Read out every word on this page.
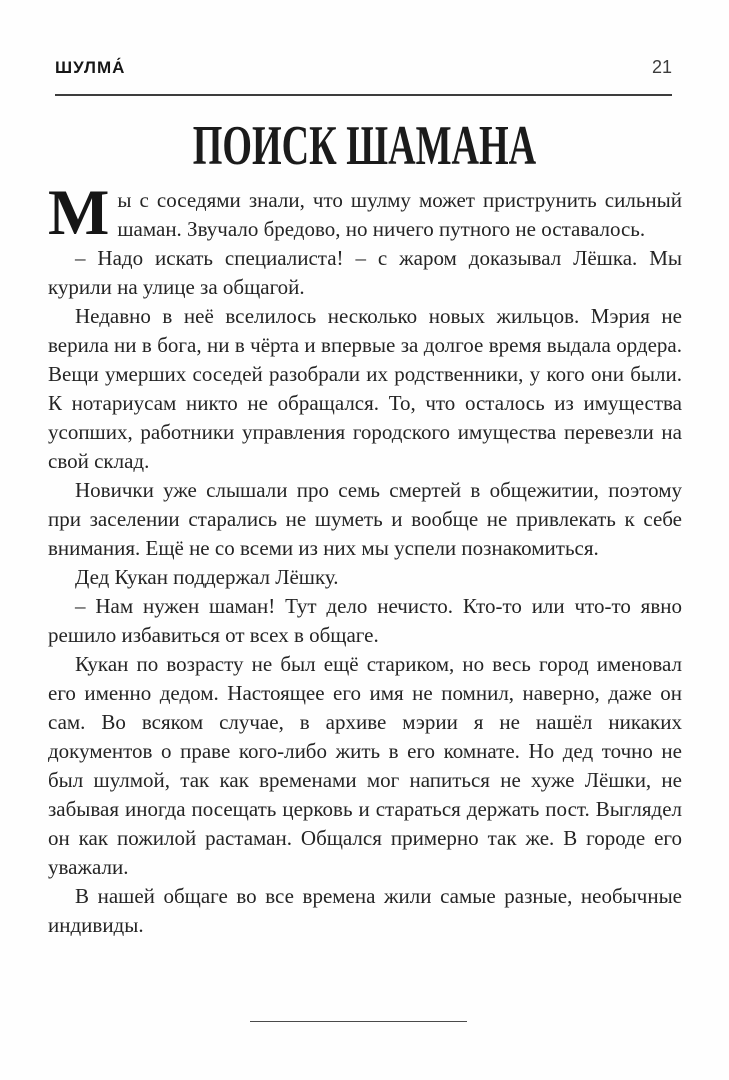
ШУЛМА́	21
ПОИСК ШАМАНА

Мы с соседями знали, что шулму может приструнить сильный шаман. Звучало бредово, но ничего путного не оставалось.

– Надо искать специалиста! – с жаром доказывал Лёшка. Мы курили на улице за общагой.

Недавно в неё вселилось несколько новых жильцов. Мэрия не верила ни в бога, ни в чёрта и впервые за долгое время выдала ордера. Вещи умерших соседей разобрали их родственники, у кого они были. К нотариусам никто не обращался. То, что осталось из имущества усопших, работники управления городского имущества перевезли на свой склад.

Новички уже слышали про семь смертей в общежитии, поэтому при заселении старались не шуметь и вообще не привлекать к себе внимания. Ещё не со всеми из них мы успели познакомиться.

Дед Кукан поддержал Лёшку.

– Нам нужен шаман! Тут дело нечисто. Кто-то или что-то явно решило избавиться от всех в общаге.

Кукан по возрасту не был ещё стариком, но весь город именовал его именно дедом. Настоящее его имя не помнил, наверно, даже он сам. Во всяком случае, в архиве мэрии я не нашёл никаких документов о праве кого-либо жить в его комнате. Но дед точно не был шулмой, так как временами мог напиться не хуже Лёшки, не забывая иногда посещать церковь и стараться держать пост. Выглядел он как пожилой растаман. Общался примерно так же. В городе его уважали.

В нашей общаге во все времена жили самые разные, необычные индивиды.
